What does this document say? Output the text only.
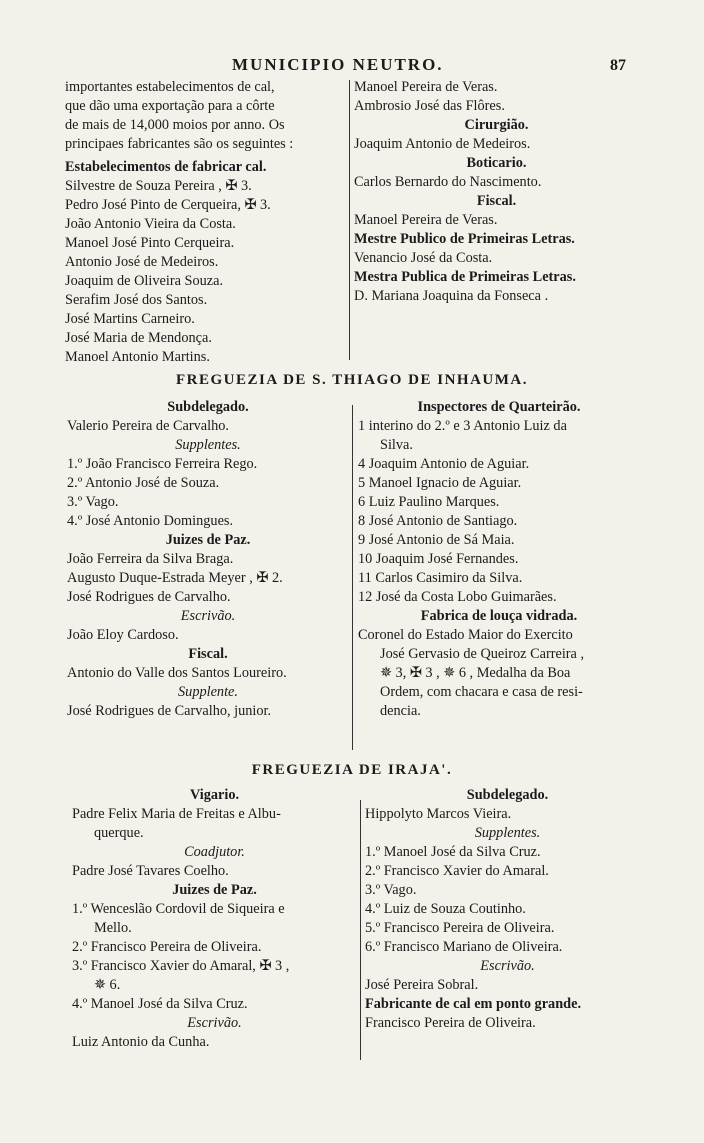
MUNICIPIO NEUTRO.	87
importantes estabelecimentos de cal,
que dão uma exportação para a côrte
de mais de 14,000 moios por anno. Os
principaes fabricantes são os seguintes :
Estabelecimentos de fabricar cal.
Silvestre de Souza Pereira , ✠ 3.
Pedro José Pinto de Cerqueira, ✠ 3.
João Antonio Vieira da Costa.
Manoel José Pinto Cerqueira.
Antonio José de Medeiros.
Joaquim de Oliveira Souza.
Serafim José dos Santos.
José Martins Carneiro.
José Maria de Mendonça.
Manoel Antonio Martins.
Manoel Pereira de Veras.
Ambrosio José das Flôres.
Cirurgião.
Joaquim Antonio de Medeiros.
Boticario.
Carlos Bernardo do Nascimento.
Fiscal.
Manoel Pereira de Veras.
Mestre Publico de Primeiras Letras.
Venancio José da Costa.
Mestra Publica de Primeiras Letras.
D. Mariana Joaquina da Fonseca .
FREGUEZIA DE S. THIAGO DE INHAUMA.
Subdelegado.
Valerio Pereira de Carvalho.
Supplentes.
1.º João Francisco Ferreira Rego.
2.º Antonio José de Souza.
3.º Vago.
4.º José Antonio Domingues.
Juizes de Paz.
João Ferreira da Silva Braga.
Augusto Duque-Estrada Meyer , ✠ 2.
José Rodrigues de Carvalho.
Escrivão.
João Eloy Cardoso.
Fiscal.
Antonio do Valle dos Santos Loureiro.
Supplente.
José Rodrigues de Carvalho, junior.
Inspectores de Quarteirão.
1 interino do 2.º e 3 Antonio Luiz da
Silva.
4 Joaquim Antonio de Aguiar.
5 Manoel Ignacio de Aguiar.
6 Luiz Paulino Marques.
8 José Antonio de Santiago.
9 José Antonio de Sá Maia.
10 Joaquim José Fernandes.
11 Carlos Casimiro da Silva.
12 José da Costa Lobo Guimarães.
Fabrica de louça vidrada.
Coronel do Estado Maior do Exercito
José Gervasio de Queiroz Carreira ,
✵ 3, ✠ 3 , ✵ 6 , Medalha da Boa
Ordem, com chacara e casa de resi-
dencia.
FREGUEZIA DE IRAJA'.
Vigario.
Padre Felix Maria de Freitas e Albu-
querque.
Coadjutor.
Padre José Tavares Coelho.
Juizes de Paz.
1.º Wenceslão Cordovil de Siqueira e
Mello.
2.º Francisco Pereira de Oliveira.
3.º Francisco Xavier do Amaral, ✠ 3 ,
✵ 6.
4.º Manoel José da Silva Cruz.
Escrivão.
Luiz Antonio da Cunha.
Subdelegado.
Hippolyto Marcos Vieira.
Supplentes.
1.º Manoel José da Silva Cruz.
2.º Francisco Xavier do Amaral.
3.º Vago.
4.º Luiz de Souza Coutinho.
5.º Francisco Pereira de Oliveira.
6.º Francisco Mariano de Oliveira.
Escrivão.
José Pereira Sobral.
Fabricante de cal em ponto grande.
Francisco Pereira de Oliveira.
